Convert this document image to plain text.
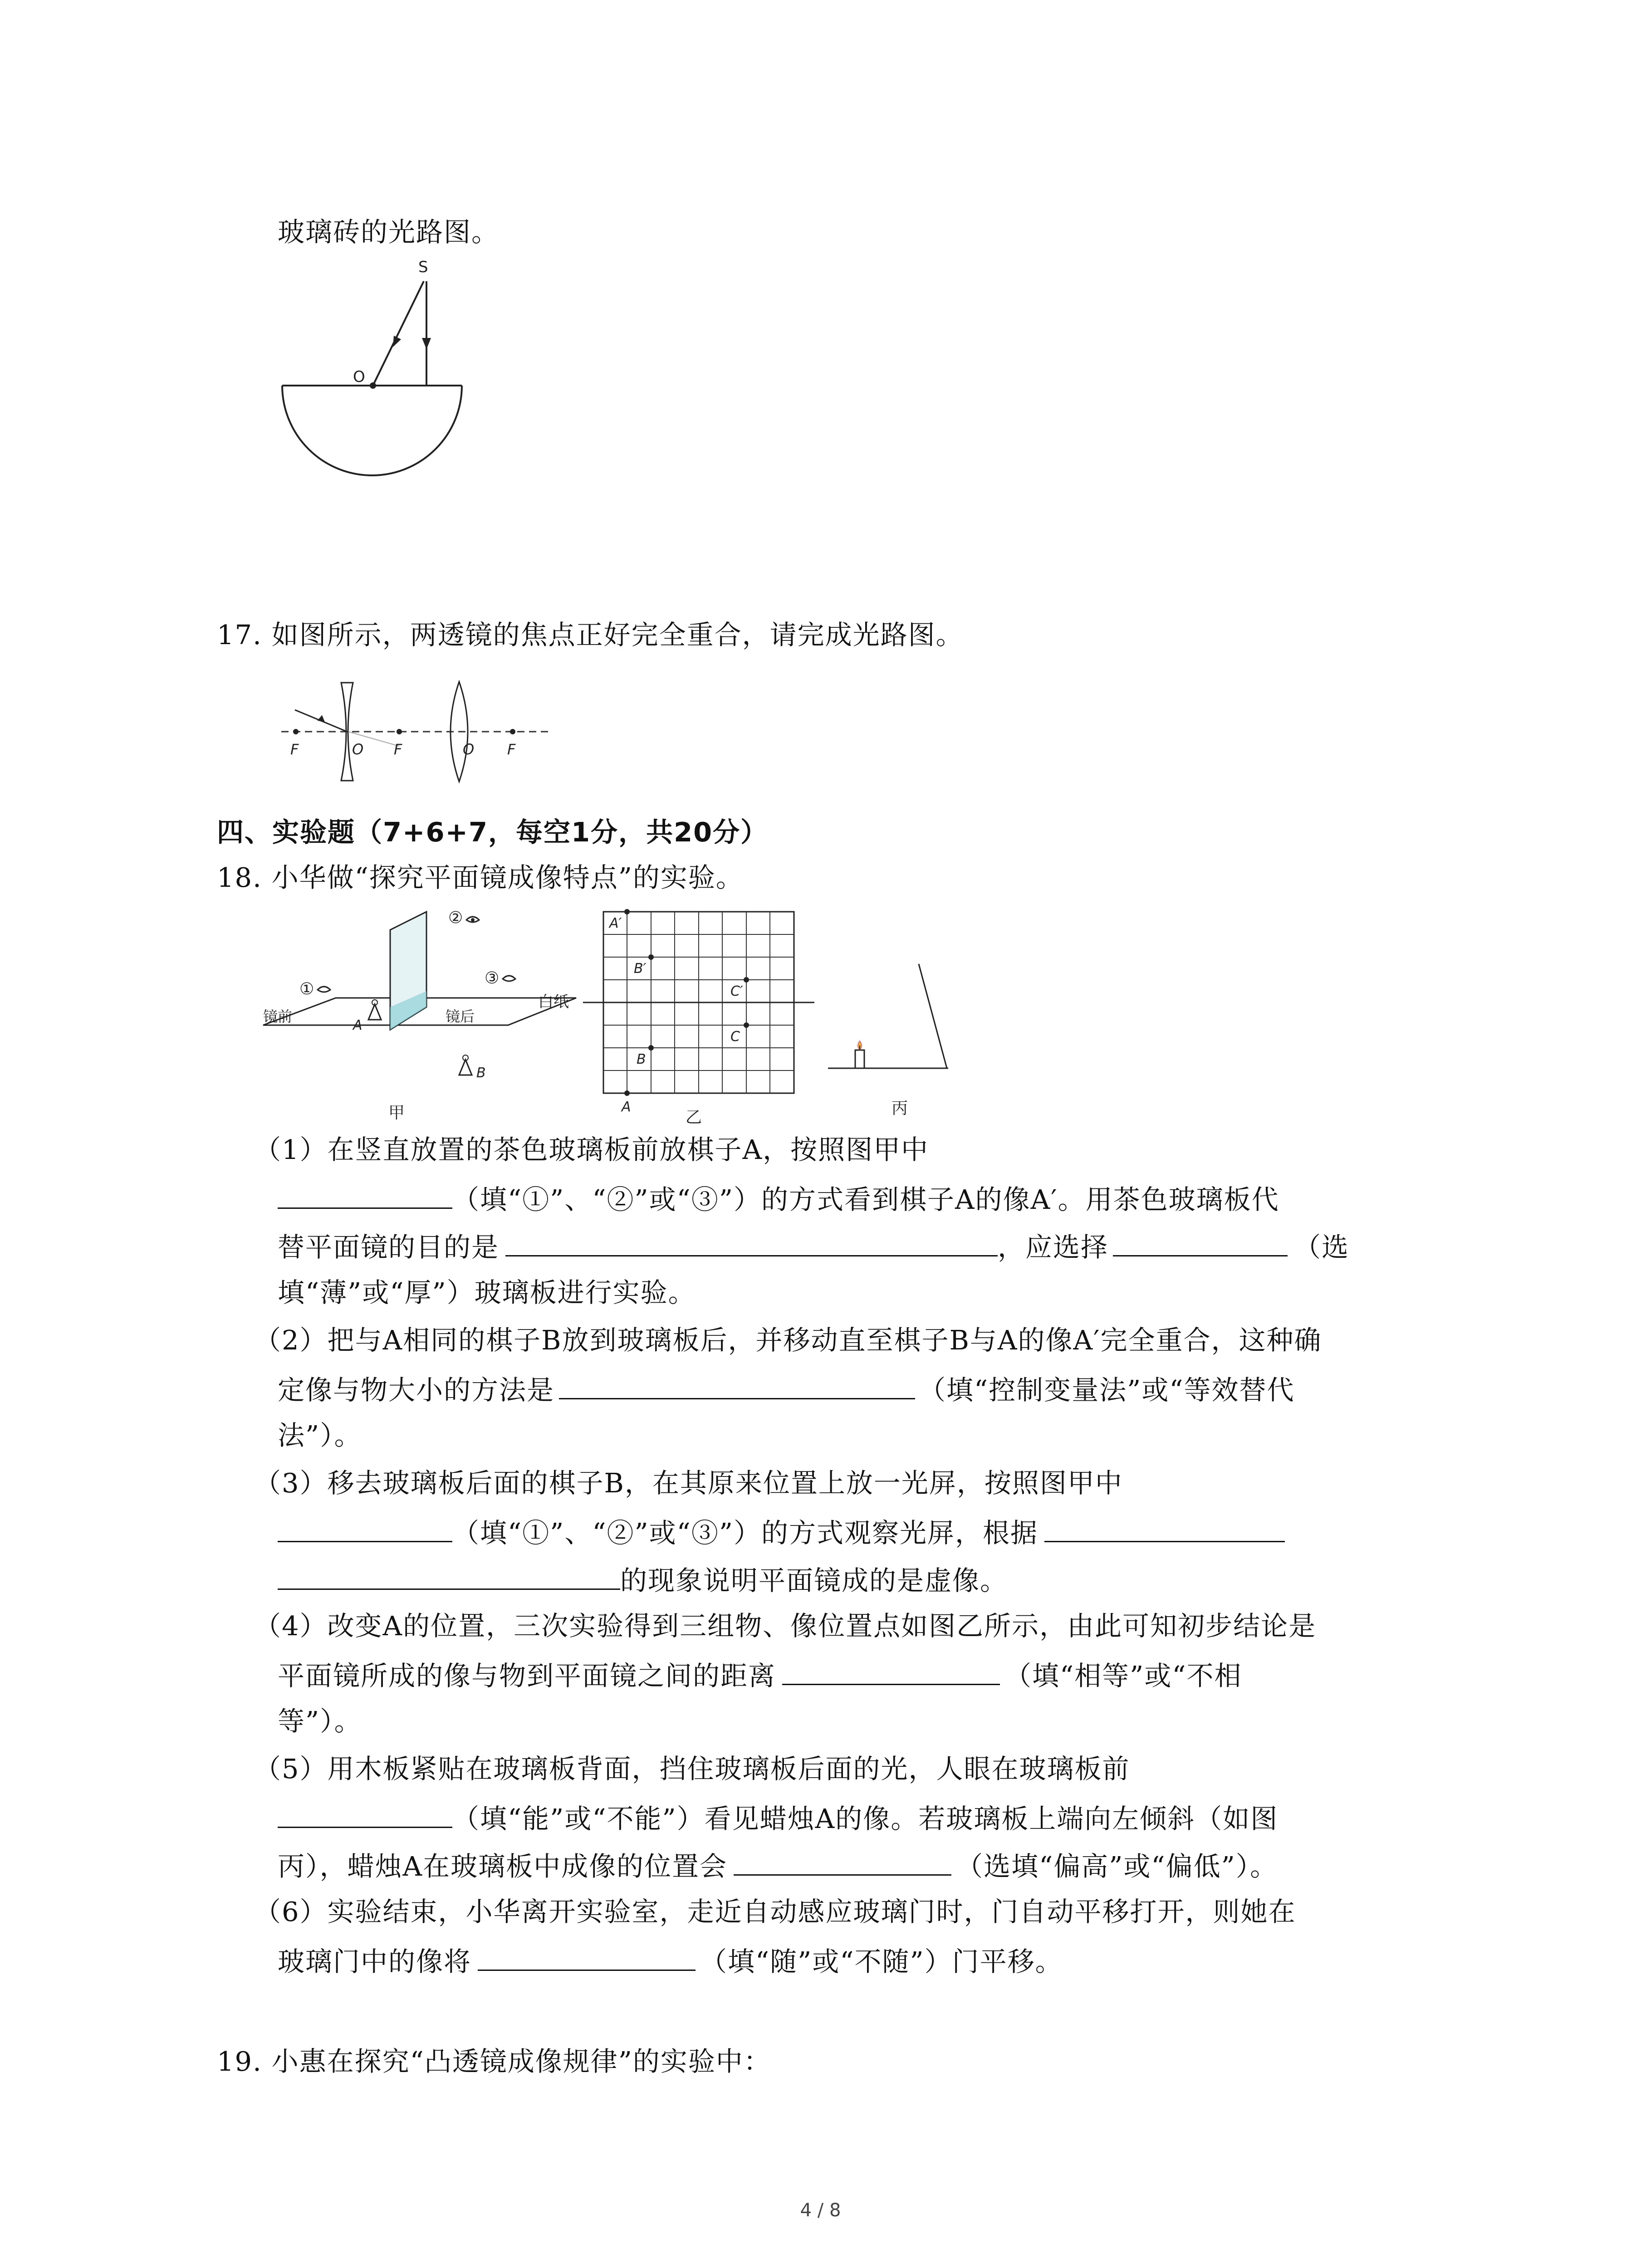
玻璃砖的光路图。
S
O
17. 如图所示，两透镜的焦点正好完全重合，请完成光路图。
F	O F	O F
四、实验题（7+6+7，每空1分，共20分）
18. 小华做“探究平面镜成像特点”的实验。
②
①
③
白纸
镜前
A
镜后
B
甲
A′
B′
C′
C
B
A
乙	丙
（1）在竖直放置的茶色玻璃板前放棋子A，按照图甲中
（填“①”、“②”或“③”）的方式看到棋子A的像A′。用茶色玻璃板代
替平面镜的目的是	，应选择	（选
填“薄”或“厚”）玻璃板进行实验。
（2）把与A相同的棋子B放到玻璃板后，并移动直至棋子B与A的像A′完全重合，这种确
定像与物大小的方法是	（填“控制变量法”或“等效替代
法”）。
（3）移去玻璃板后面的棋子B，在其原来位置上放一光屏，按照图甲中
（填“①”、“②”或“③”）的方式观察光屏，根据
的现象说明平面镜成的是虚像。
（4）改变A的位置，三次实验得到三组物、像位置点如图乙所示，由此可知初步结论是
平面镜所成的像与物到平面镜之间的距离	（填“相等”或“不相
等”）。
（5）用木板紧贴在玻璃板背面，挡住玻璃板后面的光，人眼在玻璃板前
（填“能”或“不能”）看见蜡烛A的像。若玻璃板上端向左倾斜（如图
丙），蜡烛A在玻璃板中成像的位置会	（选填“偏高”或“偏低”）。
（6）实验结束，小华离开实验室，走近自动感应玻璃门时，门自动平移打开，则她在
玻璃门中的像将	（填“随”或“不随”）门平移。
19. 小惠在探究“凸透镜成像规律”的实验中：
4 / 8
